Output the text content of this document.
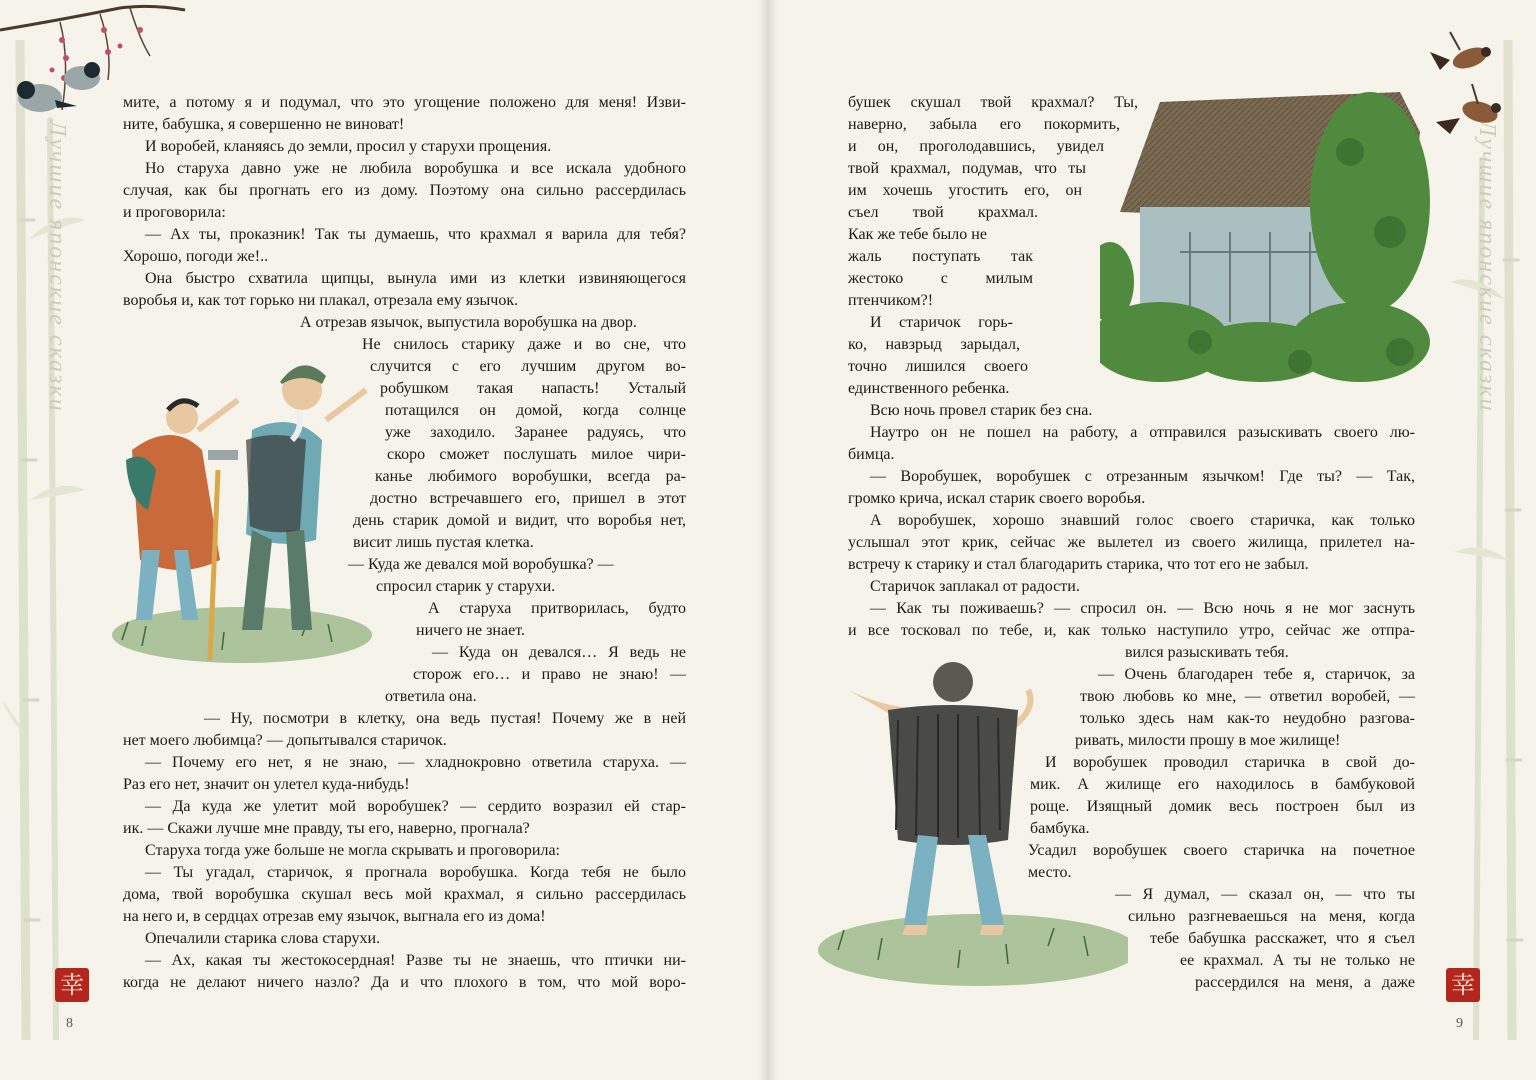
Лучшие японские сказки	Лучшие японские сказки
幸	幸
8	9
мите, а потому я и подумал, что это угощение положено для меня! Изви-
ните, бабушка, я совершенно не виноват!
И воробей, кланяясь до земли, просил у старухи прощения.
Но старуха давно уже не любила воробушка и все искала удобного
случая, как бы прогнать его из дому. Поэтому она сильно рассердилась
и проговорила:
— Ах ты, проказник! Так ты думаешь, что крахмал я варила для тебя?
Хорошо, погоди же!..
Она быстро схватила щипцы, вынула ими из клетки извиняющегося
воробья и, как тот горько ни плакал, отрезала ему язычок.
А отрезав язычок, выпустила воробушка на двор.
Не снилось старику даже и во сне, что
случится с его лучшим другом во-
робушком такая напасть! Усталый
потащился он домой, когда солнце
уже заходило. Заранее радуясь, что
скоро сможет послушать милое чири-
канье любимого воробушки, всегда ра-
достно встречавшего его, пришел в этот
день старик домой и видит, что воробья нет,
висит лишь пустая клетка.
— Куда же девался мой воробушка? —
спросил старик у старухи.
А старуха притворилась, будто
ничего не знает.
— Куда он девался… Я ведь не
сторож его… и право не знаю! —
ответила она.
— Ну, посмотри в клетку, она ведь пустая! Почему же в ней
нет моего любимца? — допытывался старичок.
— Почему его нет, я не знаю, — хладнокровно ответила старуха. —
Раз его нет, значит он улетел куда-нибудь!
— Да куда же улетит мой воробушек? — сердито возразил ей стар-
ик. — Скажи лучше мне правду, ты его, наверно, прогнала?
Старуха тогда уже больше не могла скрывать и проговорила:
— Ты угадал, старичок, я прогнала воробушка. Когда тебя не было
дома, твой воробушка скушал весь мой крахмал, я сильно рассердилась
на него и, в сердцах отрезав ему язычок, выгнала его из дома!
Опечалили старика слова старухи.
— Ах, какая ты жестокосердная! Разве ты не знаешь, что птички ни-
когда не делают ничего назло? Да и что плохого в том, что мой воро-
бушек скушал твой крахмал? Ты,
наверно, забыла его покормить,
и он, проголодавшись, увидел
твой крахмал, подумав, что ты
им хочешь угостить его, он
съел твой крахмал.
Как же тебе было не
жаль поступать так
жестоко с милым
птенчиком?!
И старичок горь-
ко, навзрыд зарыдал,
точно лишился своего
единственного ребенка.
Всю ночь провел старик без сна.
Наутро он не пошел на работу, а отправился разыскивать своего лю-
бимца.
— Воробушек, воробушек с отрезанным язычком! Где ты? — Так,
громко крича, искал старик своего воробья.
А воробушек, хорошо знавший голос своего старичка, как только
услышал этот крик, сейчас же вылетел из своего жилища, прилетел на-
встречу к старику и стал благодарить старика, что тот его не забыл.
Старичок заплакал от радости.
— Как ты поживаешь? — спросил он. — Всю ночь я не мог заснуть
и все тосковал по тебе, и, как только наступило утро, сейчас же отпра-
вился разыскивать тебя.
— Очень благодарен тебе я, старичок, за
твою любовь ко мне, — ответил воробей, —
только здесь нам как-то неудобно разгова-
ривать, милости прошу в мое жилище!
И воробушек проводил старичка в свой до-
мик. А жилище его находилось в бамбуковой
роще. Изящный домик весь построен был из
бамбука.
Усадил воробушек своего старичка на почетное
место.
— Я думал, — сказал он, — что ты
сильно разгневаешься на меня, когда
тебе бабушка расскажет, что я съел
ее крахмал. А ты не только не
рассердился на меня, а даже
